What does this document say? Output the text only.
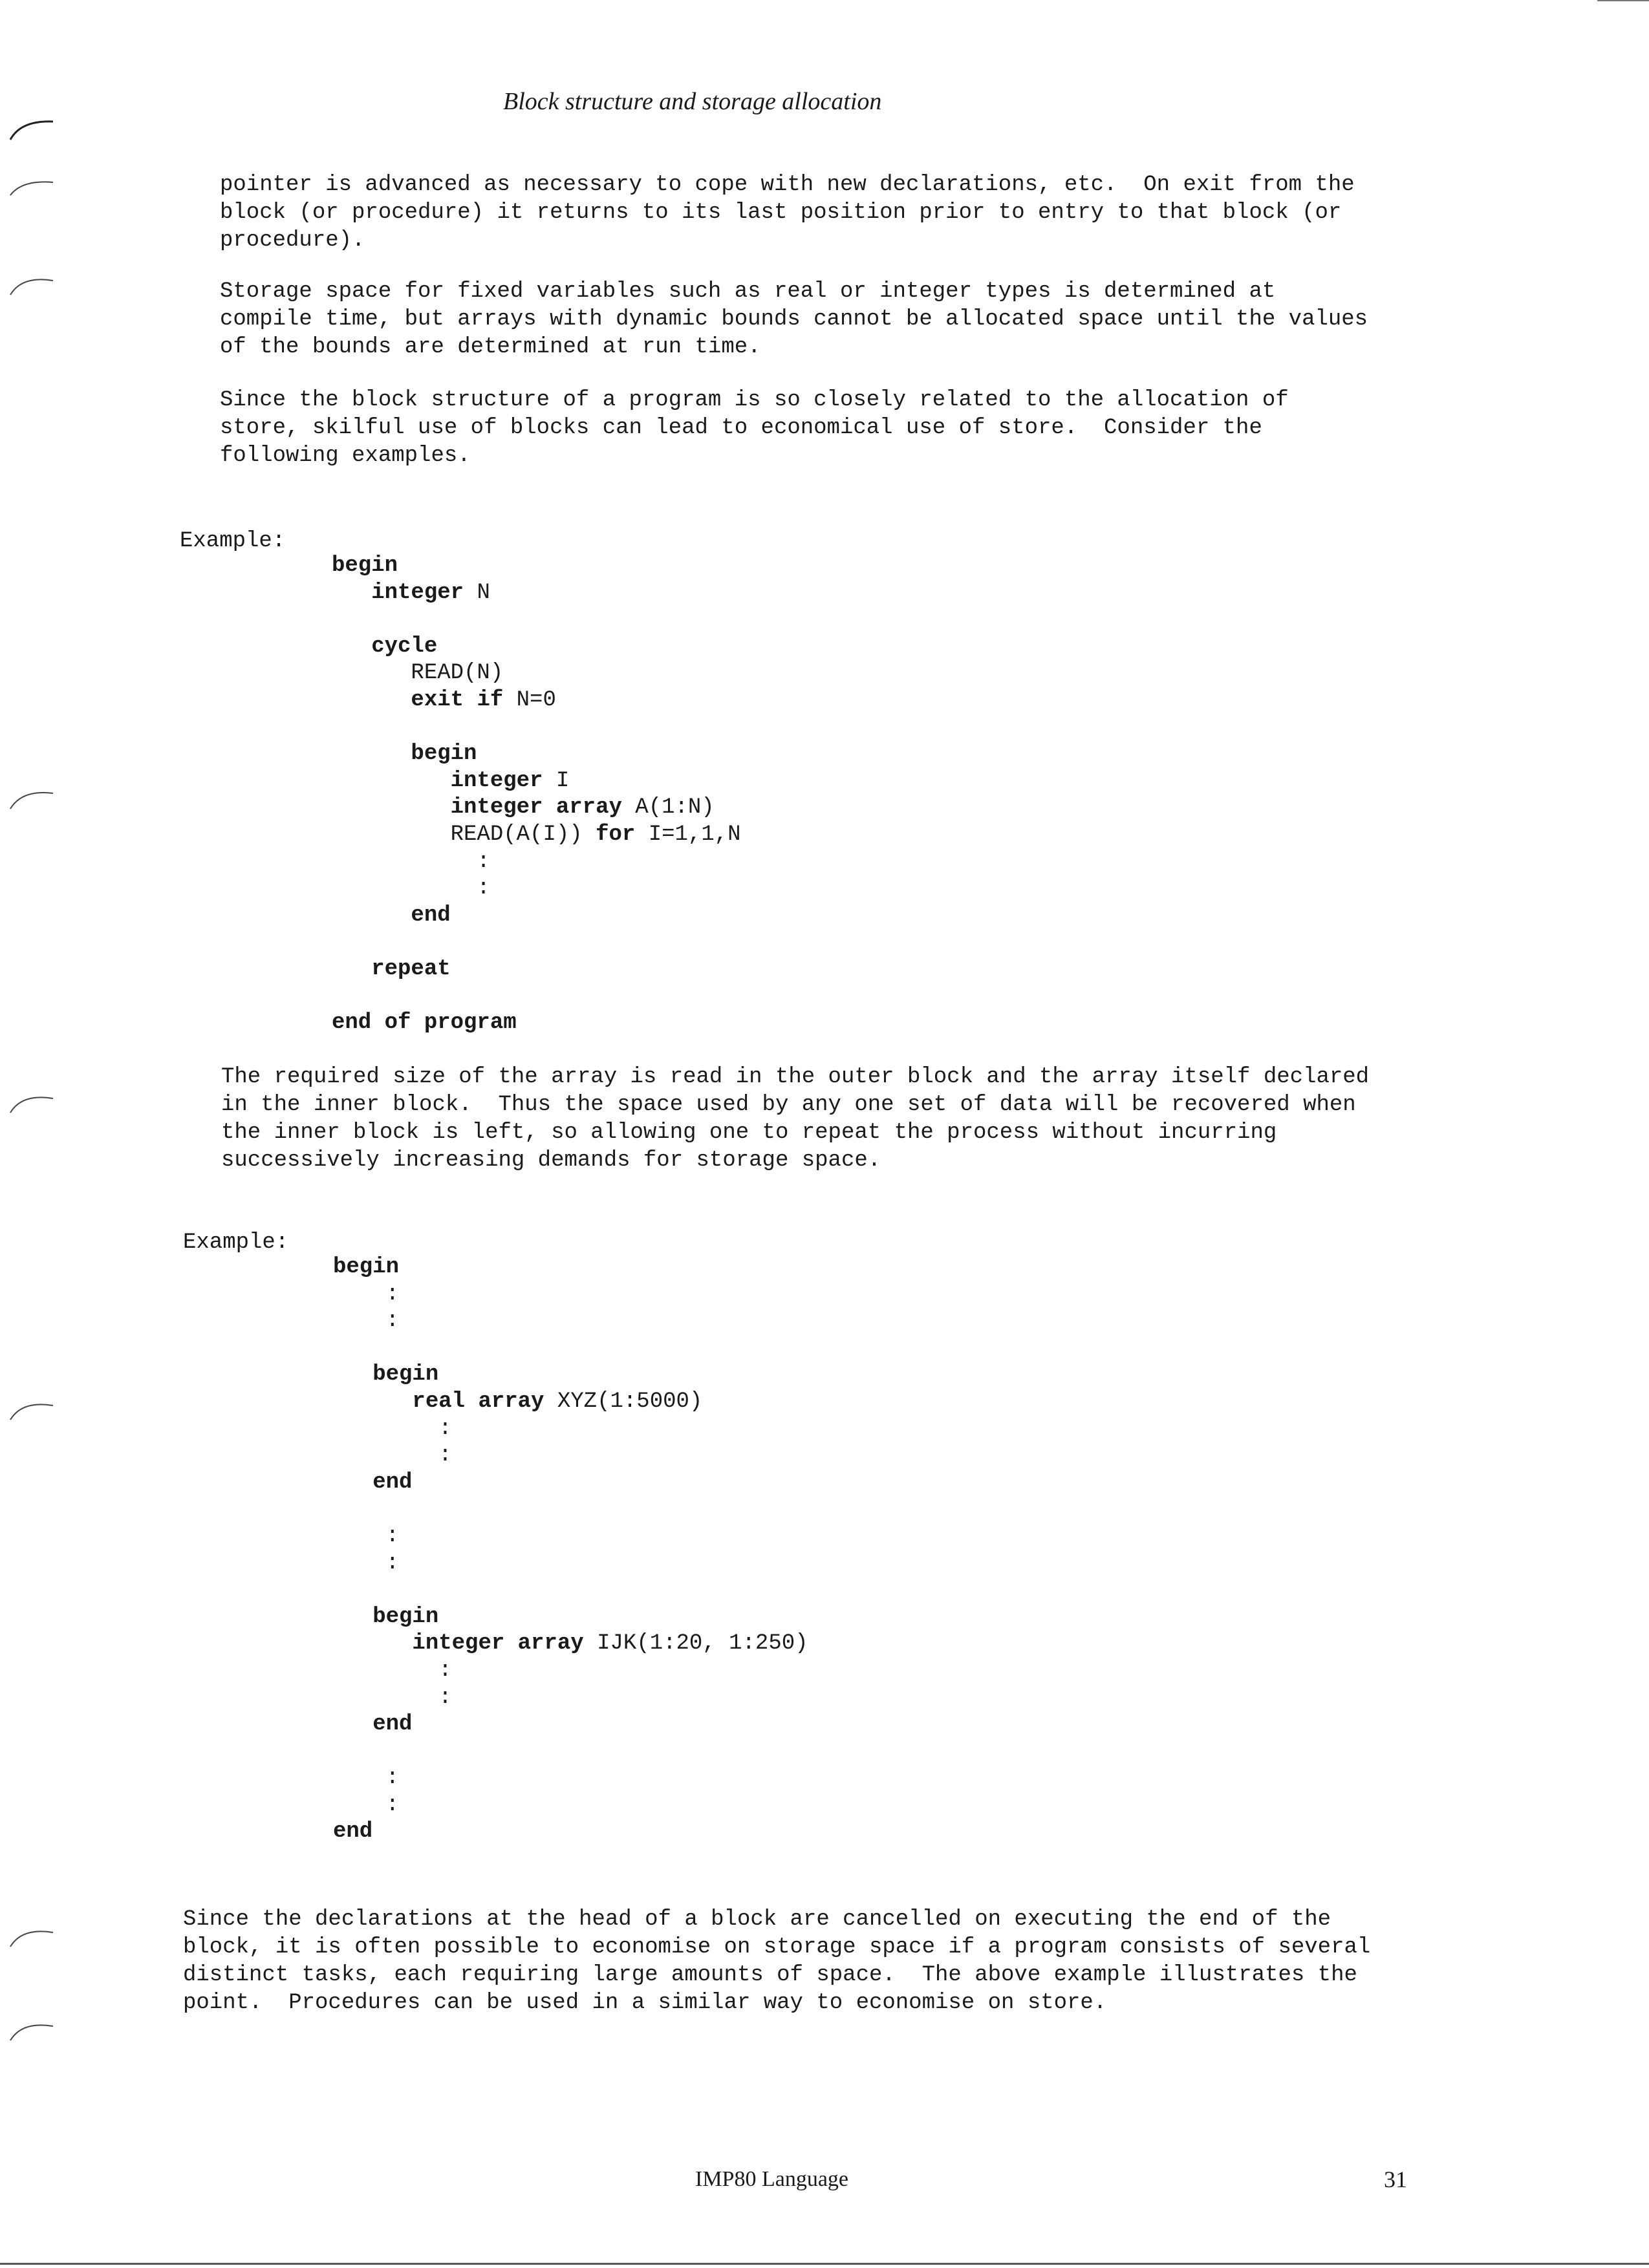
Block structure and storage allocation
pointer is advanced as necessary to cope with new declarations, etc.  On exit from the
block (or procedure) it returns to its last position prior to entry to that block (or
procedure).
Storage space for fixed variables such as real or integer types is determined at
compile time, but arrays with dynamic bounds cannot be allocated space until the values
of the bounds are determined at run time.
Since the block structure of a program is so closely related to the allocation of
store, skilful use of blocks can lead to economical use of store.  Consider the
following examples.
Example:
begin
integer N
cycle
READ(N)
exit if N=0
begin
integer I
integer array A(1:N)
READ(A(I)) for I=1,1,N
:
:
end
repeat
end of program
The required size of the array is read in the outer block and the array itself declared
in the inner block.  Thus the space used by any one set of data will be recovered when
the inner block is left, so allowing one to repeat the process without incurring
successively increasing demands for storage space.
Example:
begin
:
:
begin
real array XYZ(1:5000)
:
:
end
:
:
begin
integer array IJK(1:20, 1:250)
:
:
end
:
:
end
Since the declarations at the head of a block are cancelled on executing the end of the
block, it is often possible to economise on storage space if a program consists of several
distinct tasks, each requiring large amounts of space.  The above example illustrates the
point.  Procedures can be used in a similar way to economise on store.
IMP80 Language	31
